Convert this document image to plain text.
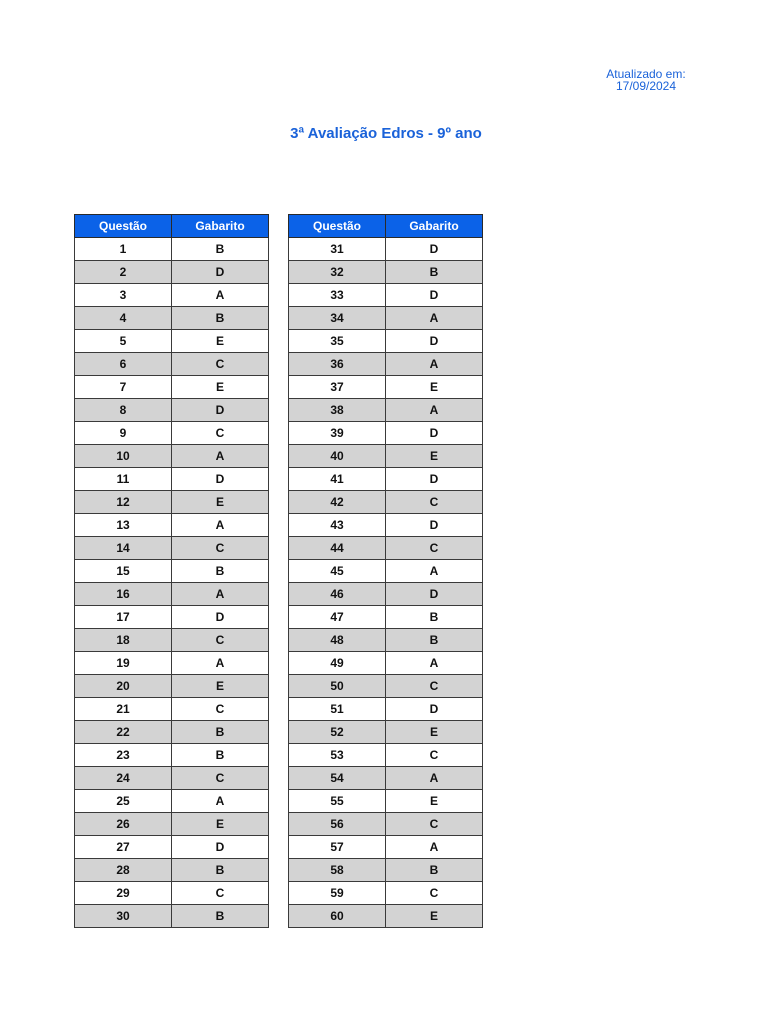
Atualizado em:
17/09/2024
3ª Avaliação Edros - 9º ano
Questão	Gabarito
1	B
2	D
3	A
4	B
5	E
6	C
7	E
8	D
9	C
10	A
11	D
12	E
13	A
14	C
15	B
16	A
17	D
18	C
19	A
20	E
21	C
22	B
23	B
24	C
25	A
26	E
27	D
28	B
29	C
30	B
Questão	Gabarito
31	D
32	B
33	D
34	A
35	D
36	A
37	E
38	A
39	D
40	E
41	D
42	C
43	D
44	C
45	A
46	D
47	B
48	B
49	A
50	C
51	D
52	E
53	C
54	A
55	E
56	C
57	A
58	B
59	C
60	E
